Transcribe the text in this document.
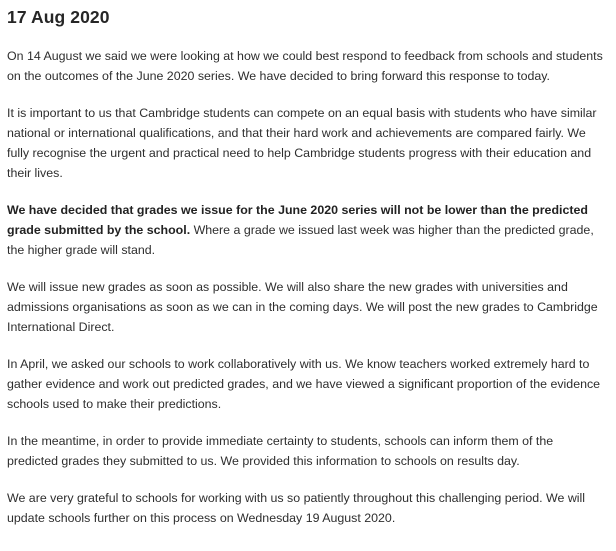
17 Aug 2020

On 14 August we said we were looking at how we could best respond to feedback from schools and students on the outcomes of the June 2020 series. We have decided to bring forward this response to today.

It is important to us that Cambridge students can compete on an equal basis with students who have similar national or international qualifications, and that their hard work and achievements are compared fairly. We fully recognise the urgent and practical need to help Cambridge students progress with their education and their lives.

We have decided that grades we issue for the June 2020 series will not be lower than the predicted grade submitted by the school. Where a grade we issued last week was higher than the predicted grade, the higher grade will stand.

We will issue new grades as soon as possible. We will also share the new grades with universities and admissions organisations as soon as we can in the coming days. We will post the new grades to Cambridge International Direct.

In April, we asked our schools to work collaboratively with us. We know teachers worked extremely hard to gather evidence and work out predicted grades, and we have viewed a significant proportion of the evidence schools used to make their predictions.

In the meantime, in order to provide immediate certainty to students, schools can inform them of the predicted grades they submitted to us. We provided this information to schools on results day.

We are very grateful to schools for working with us so patiently throughout this challenging period. We will update schools further on this process on Wednesday 19 August 2020.
